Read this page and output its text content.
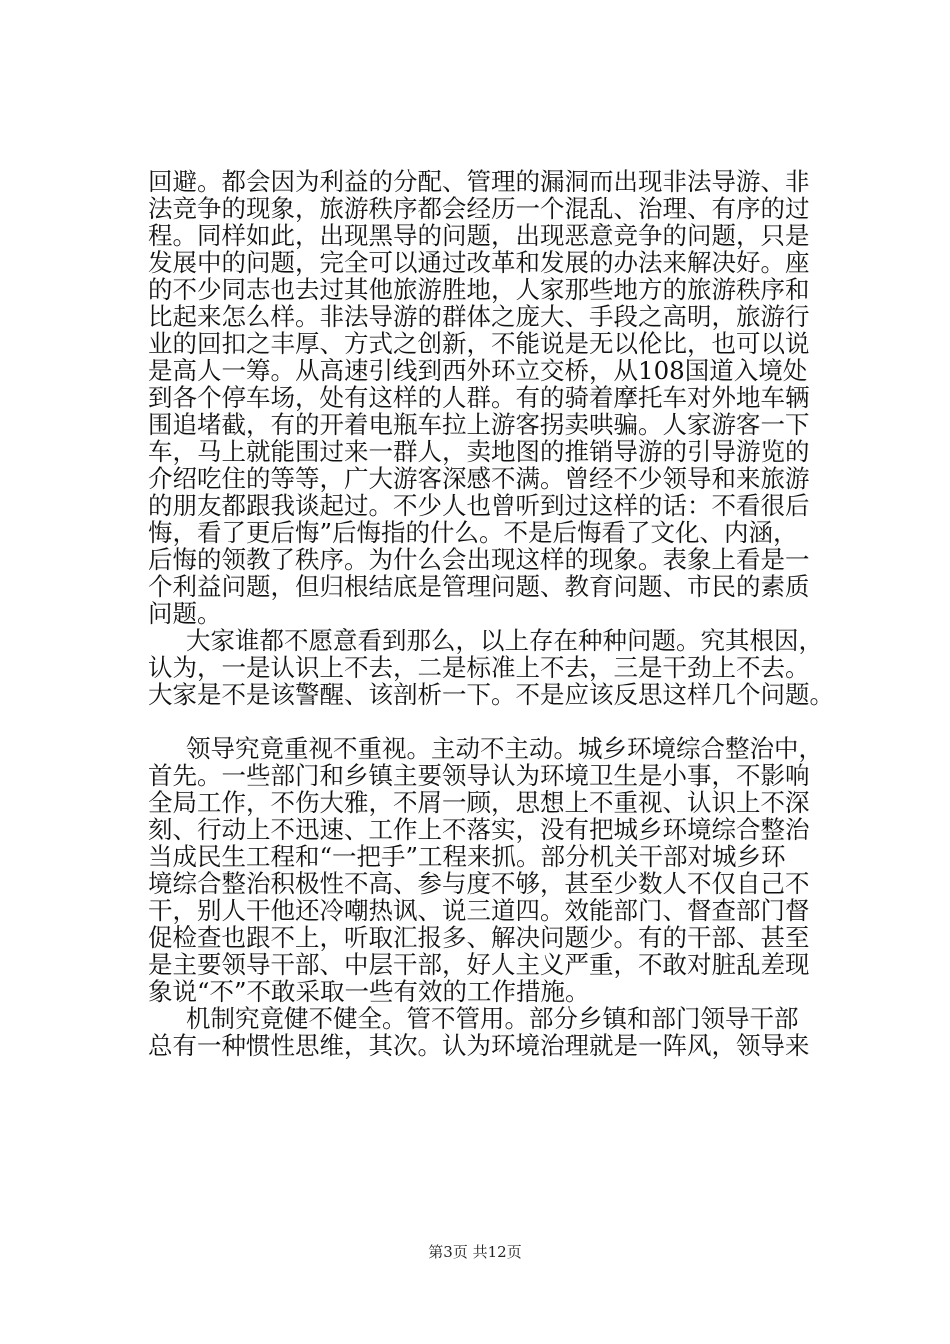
回避。都会因为利益的分配、管理的漏洞而出现非法导游、非
法竞争的现象，旅游秩序都会经历一个混乱、治理、有序的过
程。同样如此，出现黑导的问题，出现恶意竞争的问题，只是
发展中的问题，完全可以通过改革和发展的办法来解决好。座
的不少同志也去过其他旅游胜地，人家那些地方的旅游秩序和
比起来怎么样。非法导游的群体之庞大、手段之高明，旅游行
业的回扣之丰厚、方式之创新，不能说是无以伦比，也可以说
是高人一筹。从高速引线到西外环立交桥，从108国道入境处
到各个停车场，处有这样的人群。有的骑着摩托车对外地车辆
围追堵截，有的开着电瓶车拉上游客拐卖哄骗。人家游客一下
车，马上就能围过来一群人，卖地图的推销导游的引导游览的
介绍吃住的等等，广大游客深感不满。曾经不少领导和来旅游
的朋友都跟我谈起过。不少人也曾听到过这样的话：不看很后
悔，看了更后悔”后悔指的什么。不是后悔看了文化、内涵，
后悔的领教了秩序。为什么会出现这样的现象。表象上看是一
个利益问题，但归根结底是管理问题、教育问题、市民的素质
问题。
大家谁都不愿意看到那么，以上存在种种问题。究其根因，
认为，一是认识上不去，二是标准上不去，三是干劲上不去。
大家是不是该警醒、该剖析一下。不是应该反思这样几个问题。
领导究竟重视不重视。主动不主动。城乡环境综合整治中，
首先。一些部门和乡镇主要领导认为环境卫生是小事，不影响
全局工作，不伤大雅，不屑一顾，思想上不重视、认识上不深
刻、行动上不迅速、工作上不落实，没有把城乡环境综合整治
当成民生工程和“一把手”工程来抓。部分机关干部对城乡环
境综合整治积极性不高、参与度不够，甚至少数人不仅自己不
干，别人干他还冷嘲热讽、说三道四。效能部门、督查部门督
促检查也跟不上，听取汇报多、解决问题少。有的干部、甚至
是主要领导干部、中层干部，好人主义严重，不敢对脏乱差现
象说“不”不敢采取一些有效的工作措施。
机制究竟健不健全。管不管用。部分乡镇和部门领导干部
总有一种惯性思维，其次。认为环境治理就是一阵风，领导来
第3页 共12页
